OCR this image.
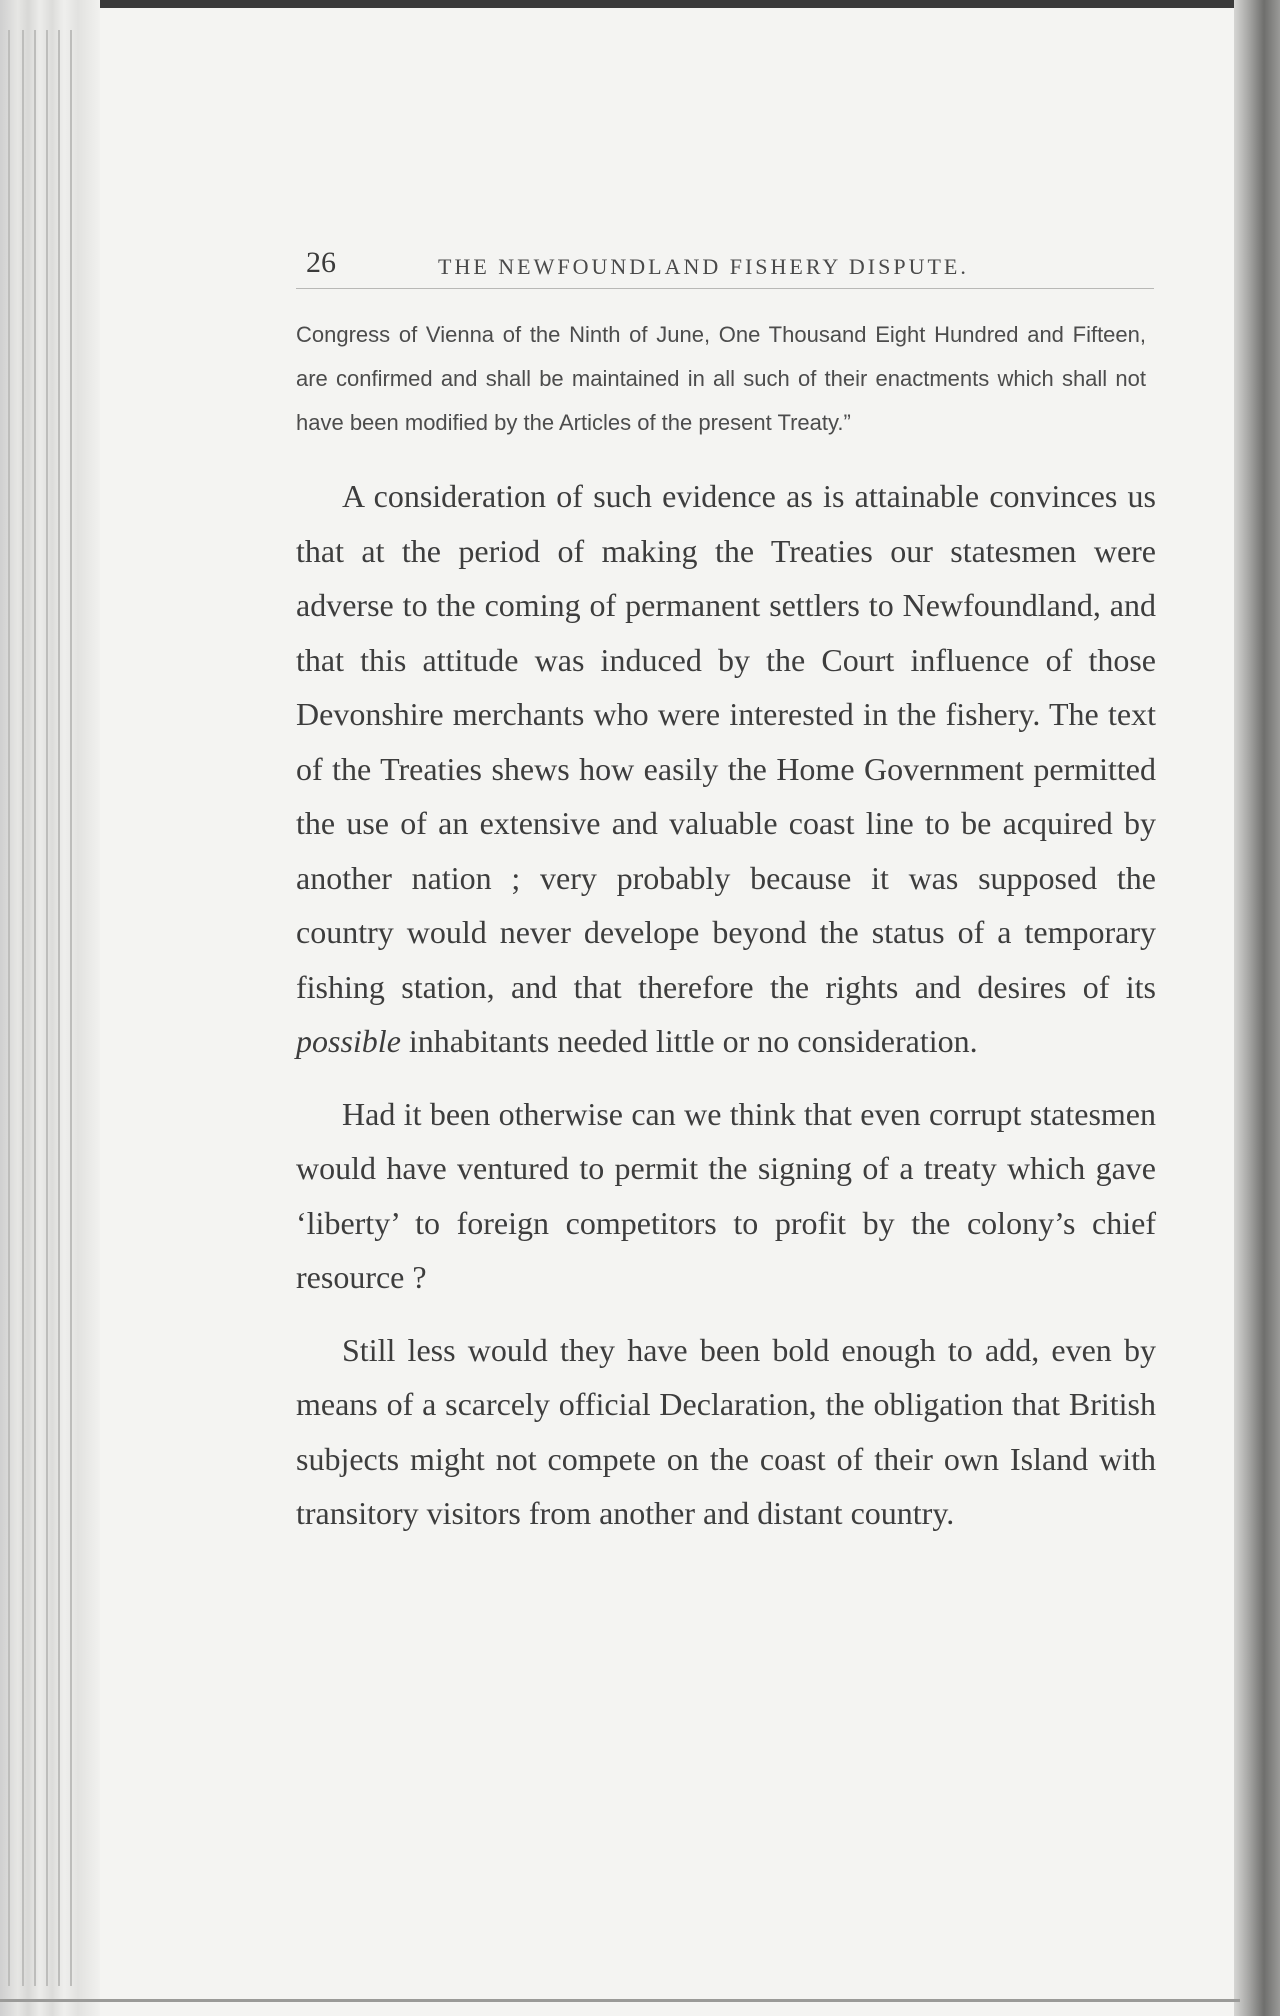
26	THE NEWFOUNDLAND FISHERY DISPUTE.
Congress of Vienna of the Ninth of June, One Thousand Eight Hundred and Fifteen, are confirmed and shall be maintained in all such of their enactments which shall not have been modified by the Articles of the present Treaty.”

A consideration of such evidence as is attainable convinces us that at the period of making the Treaties our statesmen were adverse to the coming of permanent settlers to Newfoundland, and that this attitude was induced by the Court influence of those Devonshire merchants who were interested in the fishery. The text of the Treaties shews how easily the Home Government permitted the use of an extensive and valuable coast line to be acquired by another nation ; very probably because it was supposed the country would never develope beyond the status of a temporary fishing station, and that therefore the rights and desires of its possible inhabitants needed little or no consideration.

Had it been otherwise can we think that even corrupt statesmen would have ventured to permit the signing of a treaty which gave ‘liberty’ to foreign competitors to profit by the colony’s chief resource ?

Still less would they have been bold enough to add, even by means of a scarcely official Declaration, the obligation that British subjects might not compete on the coast of their own Island with transitory visitors from another and distant country.
